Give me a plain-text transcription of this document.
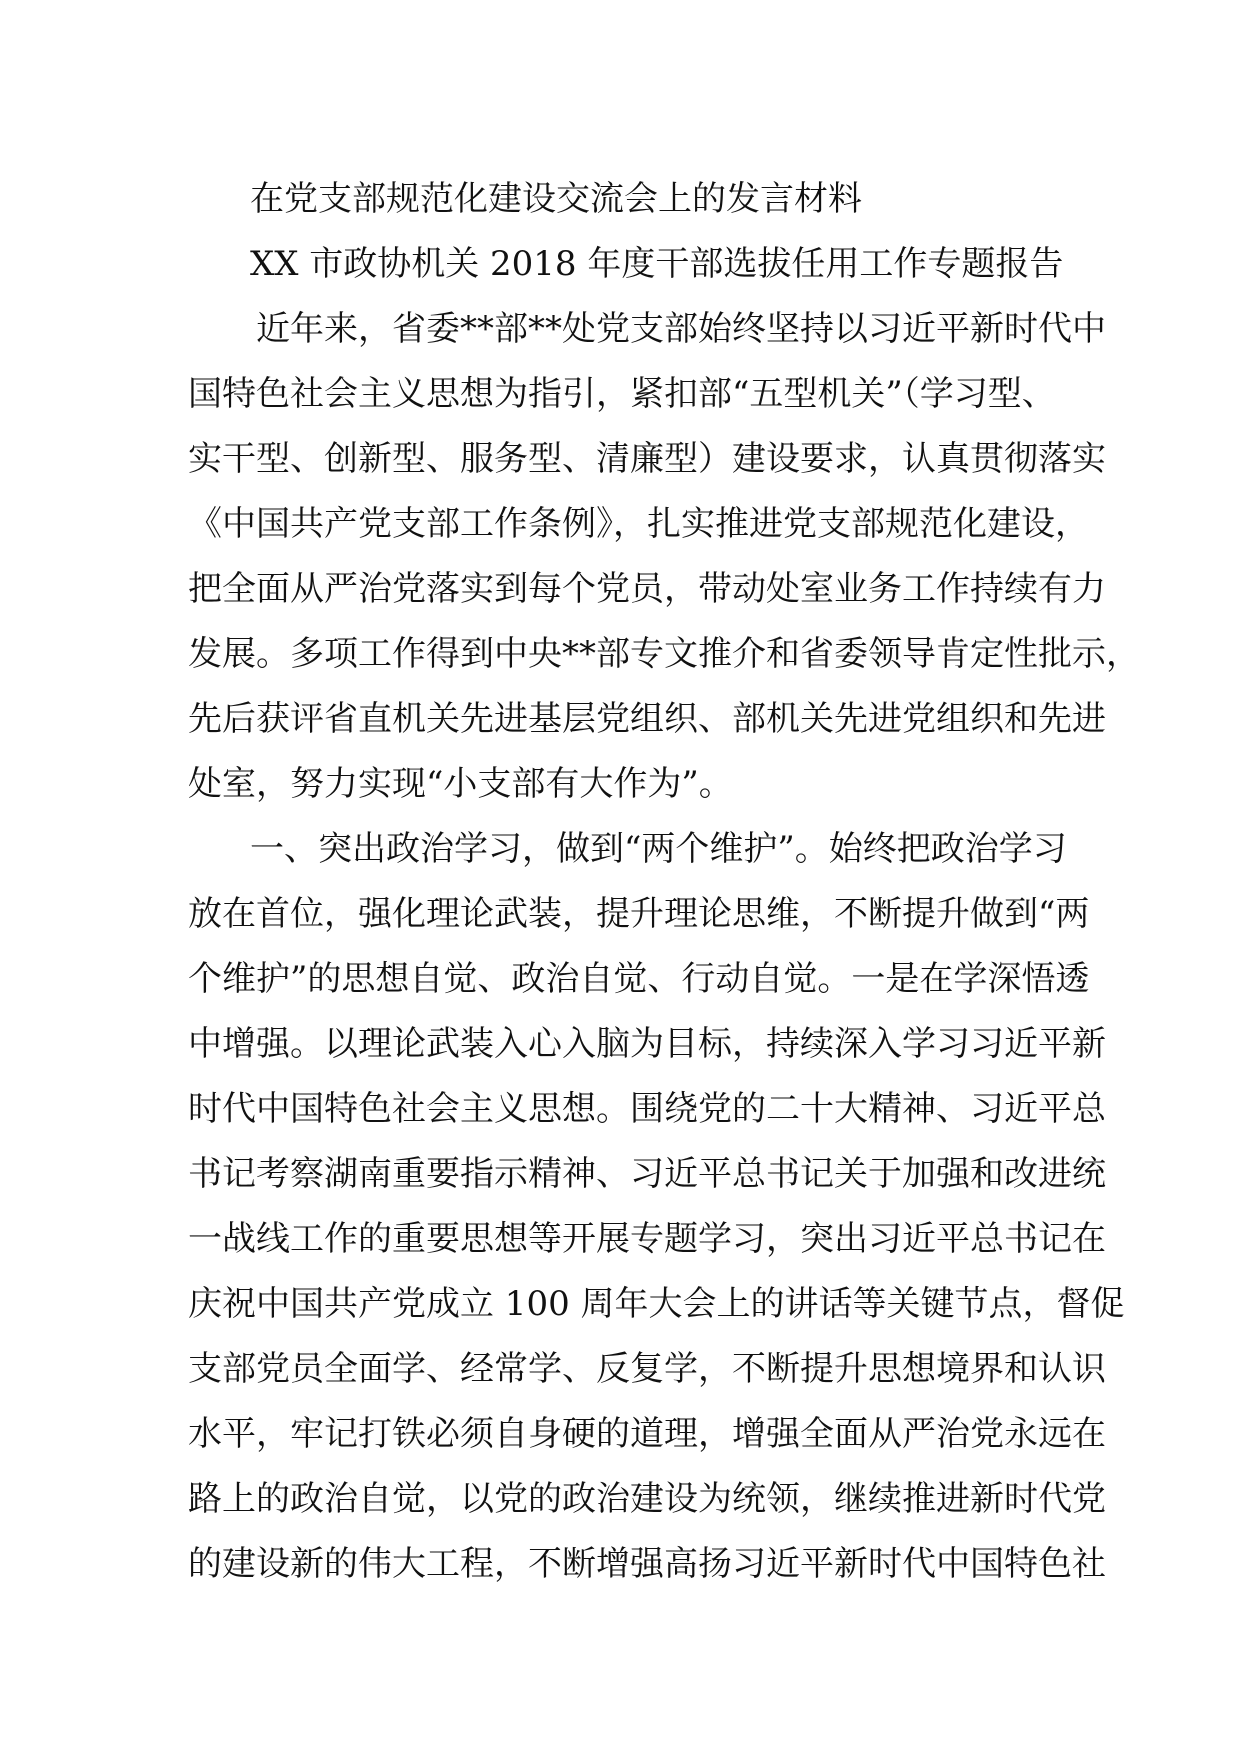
在党支部规范化建设交流会上的发言材料
XX 市政协机关 2018 年度干部选拔任用工作专题报告
近年来，省委**部**处党支部始终坚持以习近平新时代中
国特色社会主义思想为指引，紧扣部“五型机关”（学习型、
实干型、创新型、服务型、清廉型）建设要求，认真贯彻落实
《中国共产党支部工作条例》，扎实推进党支部规范化建设，
把全面从严治党落实到每个党员，带动处室业务工作持续有力
发展。多项工作得到中央**部专文推介和省委领导肯定性批示，
先后获评省直机关先进基层党组织、部机关先进党组织和先进
处室，努力实现“小支部有大作为”。
一、突出政治学习，做到“两个维护”。始终把政治学习
放在首位，强化理论武装，提升理论思维，不断提升做到“两
个维护”的思想自觉、政治自觉、行动自觉。一是在学深悟透
中增强。以理论武装入心入脑为目标，持续深入学习习近平新
时代中国特色社会主义思想。围绕党的二十大精神、习近平总
书记考察湖南重要指示精神、习近平总书记关于加强和改进统
一战线工作的重要思想等开展专题学习，突出习近平总书记在
庆祝中国共产党成立 100 周年大会上的讲话等关键节点，督促
支部党员全面学、经常学、反复学，不断提升思想境界和认识
水平，牢记打铁必须自身硬的道理，增强全面从严治党永远在
路上的政治自觉，以党的政治建设为统领，继续推进新时代党
的建设新的伟大工程，不断增强高扬习近平新时代中国特色社
